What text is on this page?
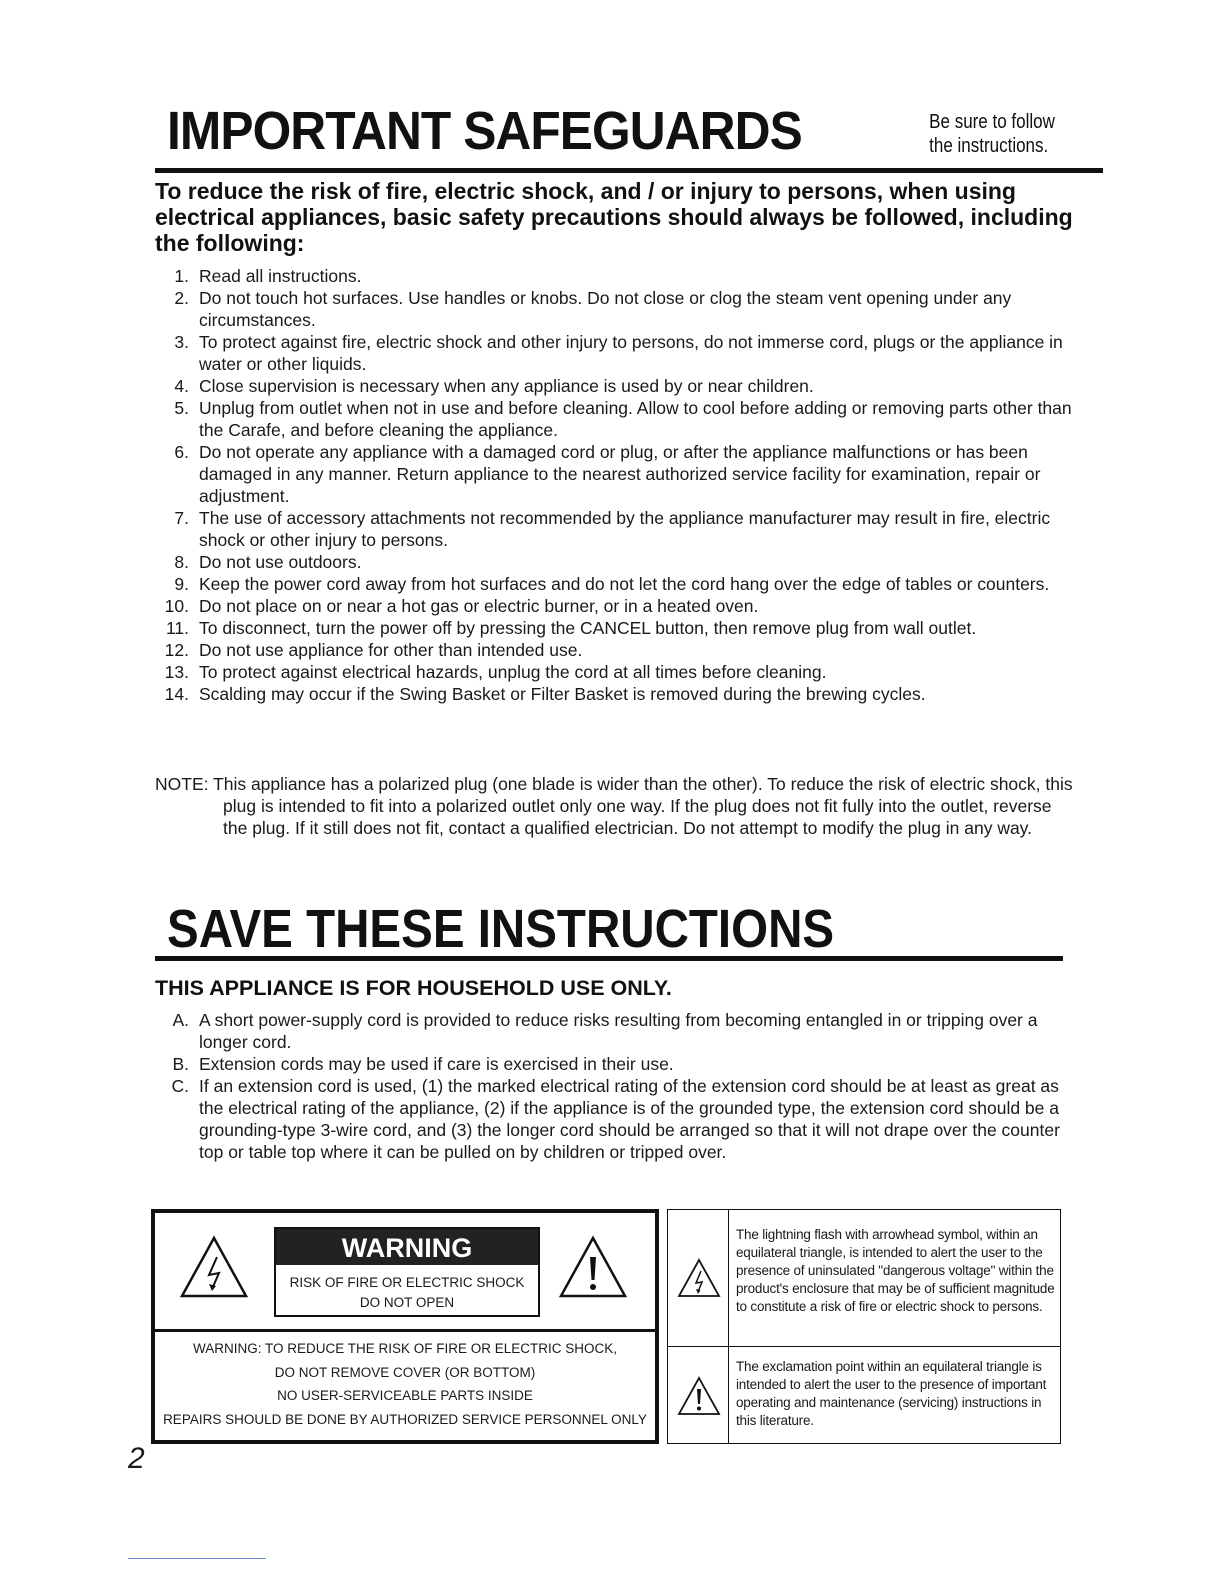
IMPORTANT SAFEGUARDS	Be sure to follow
the instructions.
To reduce the risk of fire, electric shock, and / or injury to persons, when using electrical appliances, basic safety precautions should always be followed, including the following:
1. Read all instructions.
2. Do not touch hot surfaces. Use handles or knobs. Do not close or clog the steam vent opening under any circumstances.
3. To protect against fire, electric shock and other injury to persons, do not immerse cord, plugs or the appliance in water or other liquids.
4. Close supervision is necessary when any appliance is used by or near children.
5. Unplug from outlet when not in use and before cleaning. Allow to cool before adding or removing parts other than the Carafe, and before cleaning the appliance.
6. Do not operate any appliance with a damaged cord or plug, or after the appliance malfunctions or has been damaged in any manner. Return appliance to the nearest authorized service facility for examination, repair or adjustment.
7. The use of accessory attachments not recommended by the appliance manufacturer may result in fire, electric shock or other injury to persons.
8. Do not use outdoors.
9. Keep the power cord away from hot surfaces and do not let the cord hang over the edge of tables or counters.
10. Do not place on or near a hot gas or electric burner, or in a heated oven.
11. To disconnect, turn the power off by pressing the CANCEL button, then remove plug from wall outlet.
12. Do not use appliance for other than intended use.
13. To protect against electrical hazards, unplug the cord at all times before cleaning.
14. Scalding may occur if the Swing Basket or Filter Basket is removed during the brewing cycles.
NOTE: This appliance has a polarized plug (one blade is wider than the other). To reduce the risk of electric shock, this plug is intended to fit into a polarized outlet only one way. If the plug does not fit fully into the outlet, reverse the plug. If it still does not fit, contact a qualified electrician. Do not attempt to modify the plug in any way.
SAVE THESE INSTRUCTIONS
THIS APPLIANCE IS FOR HOUSEHOLD USE ONLY.
A. A short power-supply cord is provided to reduce risks resulting from becoming entangled in or tripping over a longer cord.
B. Extension cords may be used if care is exercised in their use.
C. If an extension cord is used, (1) the marked electrical rating of the extension cord should be at least as great as the electrical rating of the appliance, (2) if the appliance is of the grounded type, the extension cord should be a grounding-type 3-wire cord, and (3) the longer cord should be arranged so that it will not drape over the counter top or table top where it can be pulled on by children or tripped over.
WARNING
RISK OF FIRE OR ELECTRIC SHOCK
DO NOT OPEN
WARNING: TO REDUCE THE RISK OF FIRE OR ELECTRIC SHOCK,
DO NOT REMOVE COVER (OR BOTTOM)
NO USER-SERVICEABLE PARTS INSIDE
REPAIRS SHOULD BE DONE BY AUTHORIZED SERVICE PERSONNEL ONLY
The lightning flash with arrowhead symbol, within an equilateral triangle, is intended to alert the user to the presence of uninsulated "dangerous voltage" within the product's enclosure that may be of sufficient magnitude to constitute a risk of fire or electric shock to persons.
The exclamation point within an equilateral triangle is intended to alert the user to the presence of important operating and maintenance (servicing) instructions in this literature.
2
